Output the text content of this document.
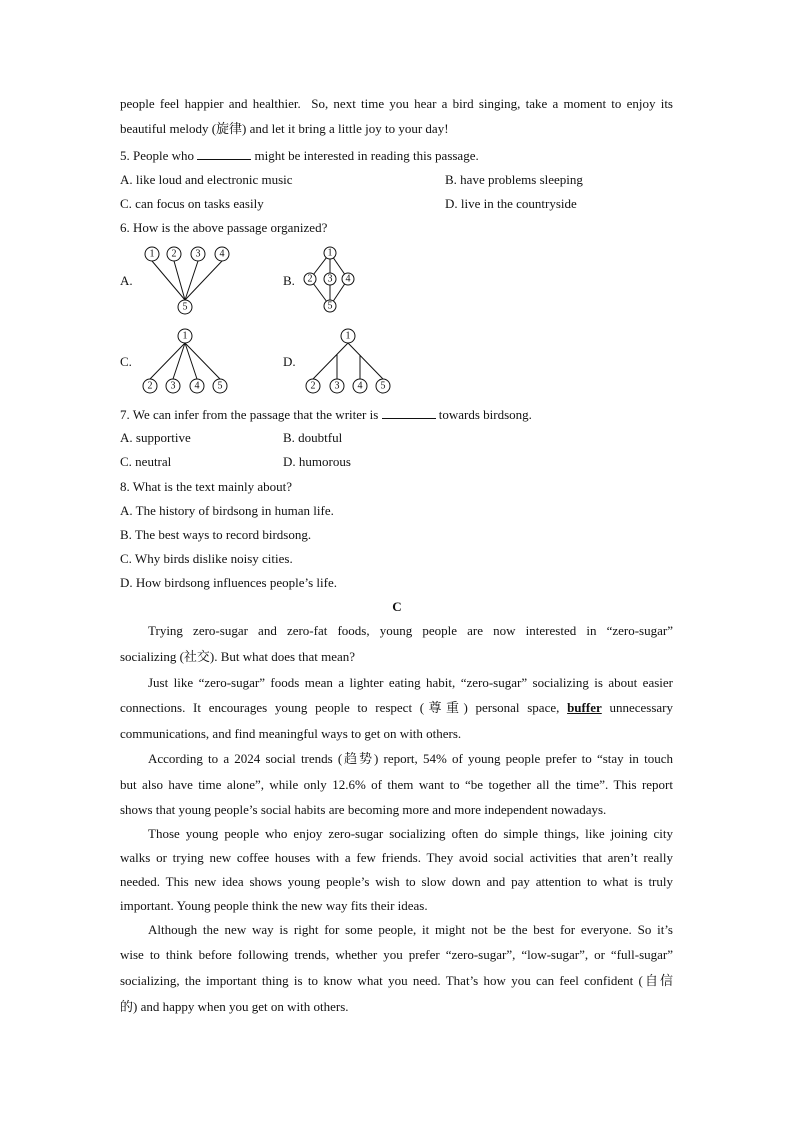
people feel happier and healthier.  So, next time you hear a bird singing, take a moment to enjoy its
beautiful melody (旋律) and let it bring a little joy to your day!
5. People who	might be interested in reading this passage.
A. like loud and electronic music	B. have problems sleeping
C. can focus on tasks easily	D. live in the countryside
6. How is the above passage organized?
A.	B.
C.	D.
1 2 3 4
5
1
2 3 4
5
1
2 3 4 5
1
2 3 4 5
7. We can infer from the passage that the writer is	towards birdsong.
A. supportive	B. doubtful
C. neutral	D. humorous
8. What is the text mainly about?
A. The history of birdsong in human life.
B. The best ways to record birdsong.
C. Why birds dislike noisy cities.
D. How birdsong influences people’s life.
C
Trying zero-sugar and zero-fat foods, young people are now interested in “zero-sugar”
socializing (社交). But what does that mean?
Just like “zero-sugar” foods mean a lighter eating habit, “zero-sugar” socializing is about easier
connections. It encourages young people to respect (尊重) personal space, buffer unnecessary
communications, and find meaningful ways to get on with others.
According to a 2024 social trends (趋势) report, 54% of young people prefer to “stay in touch
but also have time alone”, while only 12.6% of them want to “be together all the time”. This report
shows that young people’s social habits are becoming more and more independent nowadays.
Those young people who enjoy zero-sugar socializing often do simple things, like joining city
walks or trying new coffee houses with a few friends. They avoid social activities that aren’t really
needed. This new idea shows young people’s wish to slow down and pay attention to what is truly
important. Young people think the new way fits their ideas.
Although the new way is right for some people, it might not be the best for everyone. So it’s
wise to think before following trends, whether you prefer “zero-sugar”, “low-sugar”, or “full-sugar”
socializing, the important thing is to know what you need. That’s how you can feel confident (自信
的) and happy when you get on with others.
